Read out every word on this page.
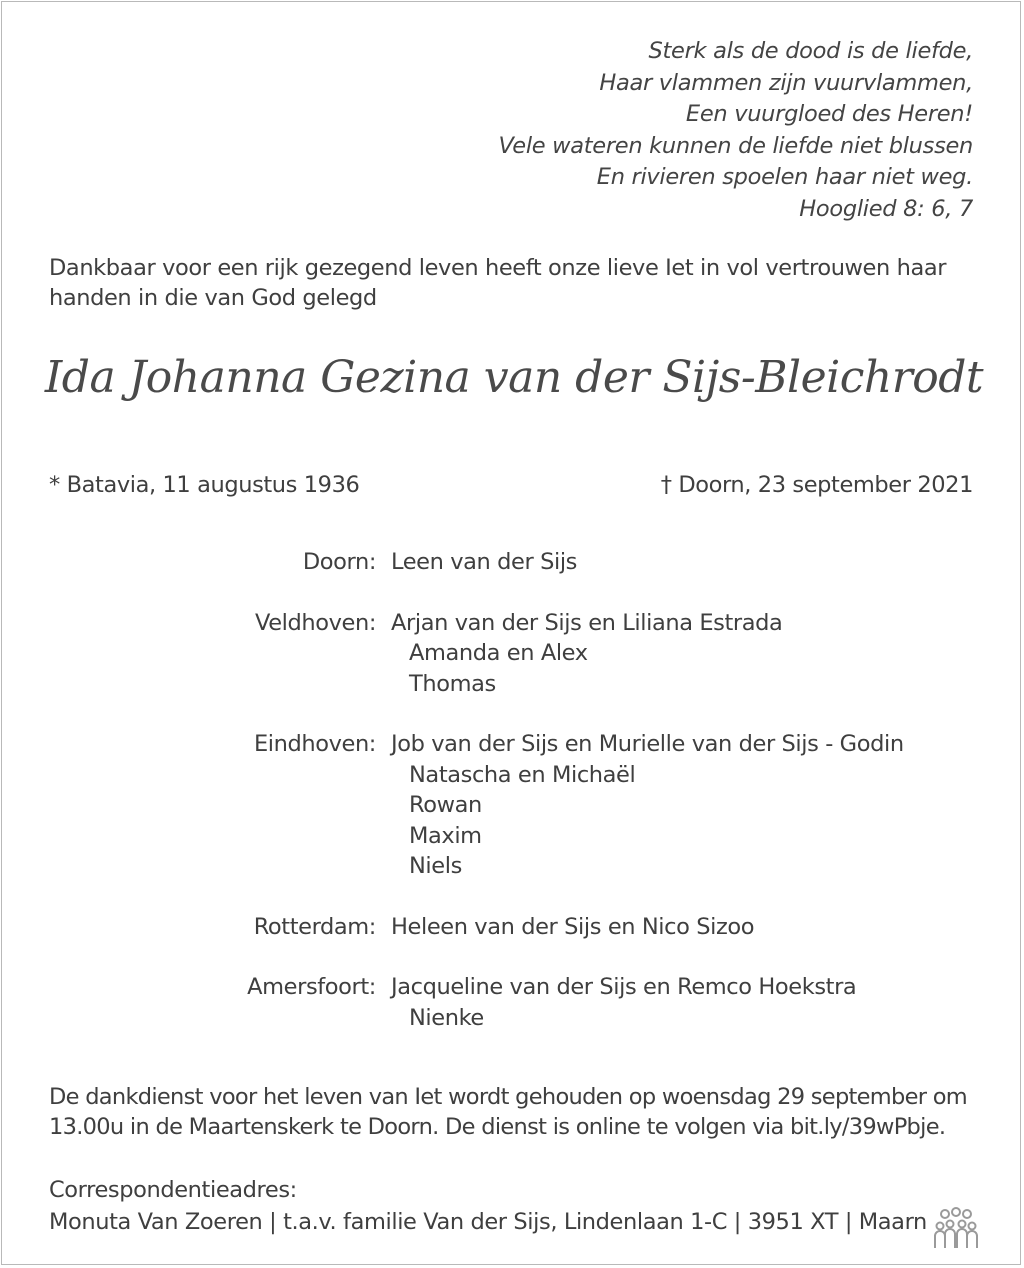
Sterk als de dood is de liefde,
Haar vlammen zijn vuurvlammen,
Een vuurgloed des Heren!
Vele wateren kunnen de liefde niet blussen
En rivieren spoelen haar niet weg.
Hooglied 8: 6, 7
Dankbaar voor een rijk gezegend leven heeft onze lieve Iet in vol vertrouwen haar handen in die van God gelegd
Ida Johanna Gezina van der Sijs-Bleichrodt
* Batavia, 11 augustus 1936	† Doorn, 23 september 2021
Doorn: Leen van der Sijs
Veldhoven: Arjan van der Sijs en Liliana Estrada
Amanda en Alex
Thomas
Eindhoven: Job van der Sijs en Murielle van der Sijs - Godin
Natascha en Michaël
Rowan
Maxim
Niels
Rotterdam: Heleen van der Sijs en Nico Sizoo
Amersfoort: Jacqueline van der Sijs en Remco Hoekstra
Nienke
De dankdienst voor het leven van Iet wordt gehouden op woensdag 29 september om 13.00u in de Maartenskerk te Doorn. De dienst is online te volgen via bit.ly/39wPbje.
Correspondentieadres:
Monuta Van Zoeren | t.a.v. familie Van der Sijs, Lindenlaan 1-C | 3951 XT | Maarn
